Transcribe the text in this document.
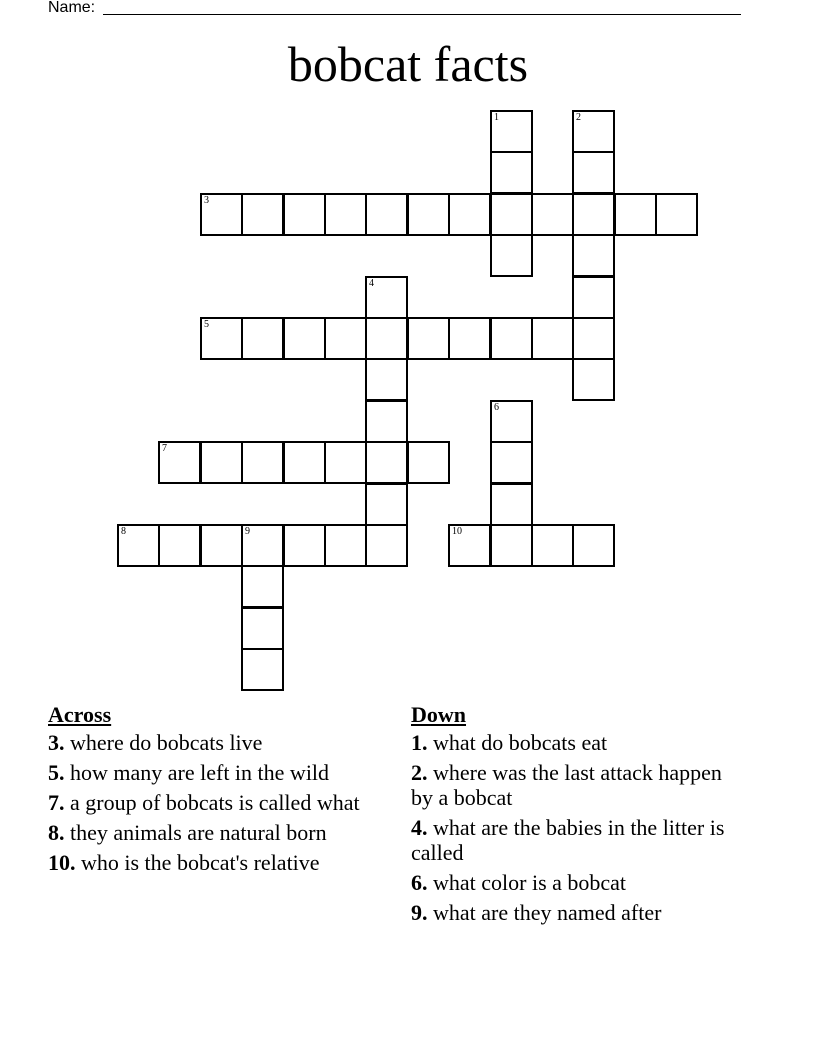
Name:
bobcat facts
1	2
3
4
5
6
7
8	9	10
Across
3. where do bobcats live
5. how many are left in the wild
7. a group of bobcats is called what
8. they animals are natural born
10. who is the bobcat's relative
Down
1. what do bobcats eat
2. where was the last attack happen by a bobcat
4. what are the babies in the litter is called
6. what color is a bobcat
9. what are they named after
